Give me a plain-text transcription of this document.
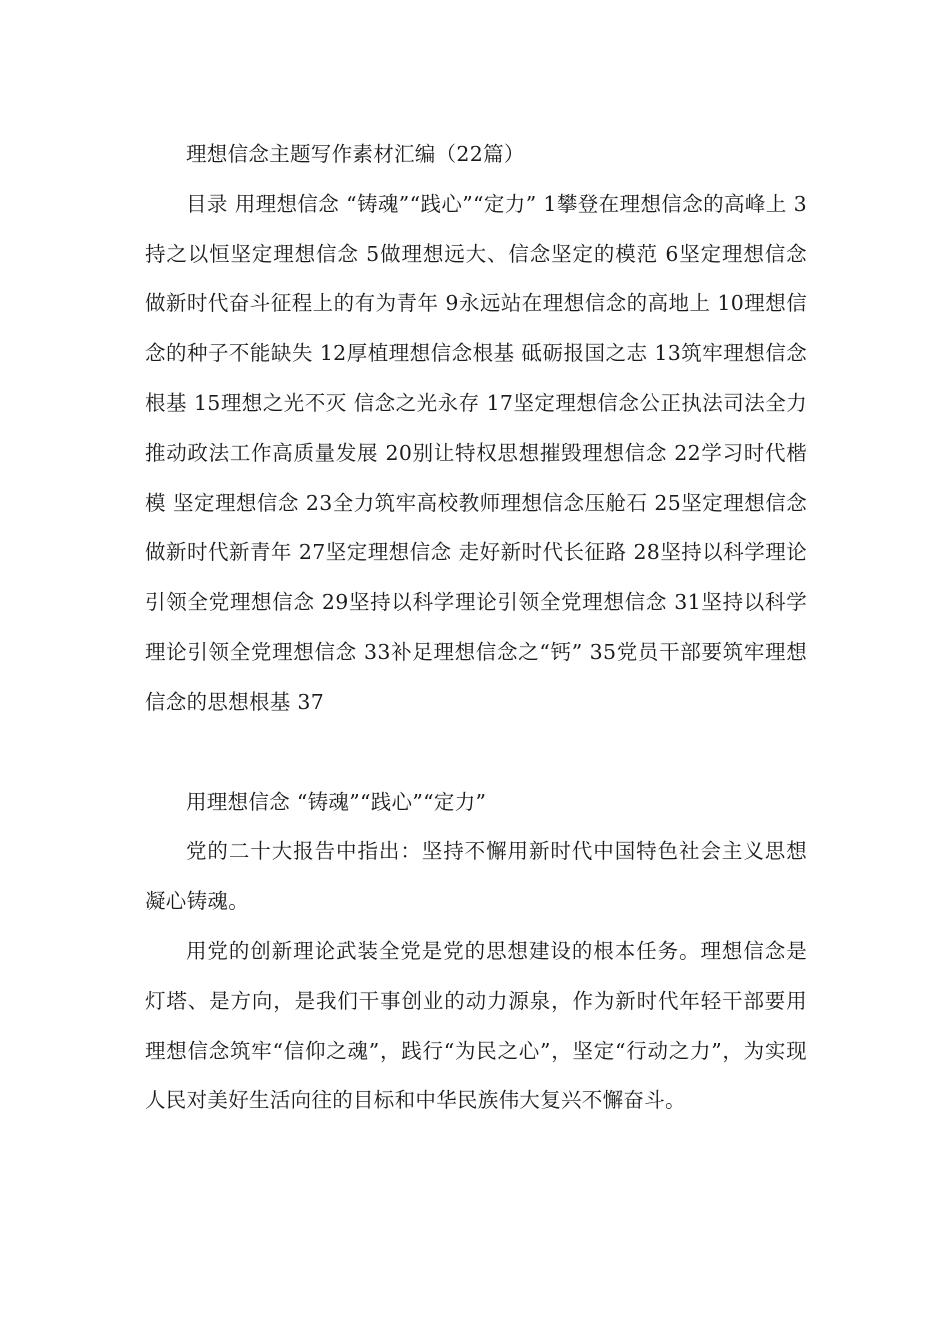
理想信念主题写作素材汇编（22篇）

目录 用理想信念 “铸魂”“践心”“定力” 1攀登在理想信念的高峰上 3持之以恒坚定理想信念 5做理想远大、信念坚定的模范 6坚定理想信念 做新时代奋斗征程上的有为青年 9永远站在理想信念的高地上 10理想信念的种子不能缺失 12厚植理想信念根基 砥砺报国之志 13筑牢理想信念根基 15理想之光不灭 信念之光永存 17坚定理想信念公正执法司法全力推动政法工作高质量发展 20别让特权思想摧毁理想信念 22学习时代楷模 坚定理想信念 23全力筑牢高校教师理想信念压舱石 25坚定理想信念 做新时代新青年 27坚定理想信念 走好新时代长征路 28坚持以科学理论引领全党理想信念 29坚持以科学理论引领全党理想信念 31坚持以科学理论引领全党理想信念 33补足理想信念之“钙” 35党员干部要筑牢理想信念的思想根基 37

用理想信念 “铸魂”“践心”“定力”

党的二十大报告中指出：坚持不懈用新时代中国特色社会主义思想凝心铸魂。

用党的创新理论武装全党是党的思想建设的根本任务。理想信念是灯塔、是方向，是我们干事创业的动力源泉，作为新时代年轻干部要用理想信念筑牢“信仰之魂”，践行“为民之心”，坚定“行动之力”，为实现人民对美好生活向往的目标和中华民族伟大复兴不懈奋斗。
